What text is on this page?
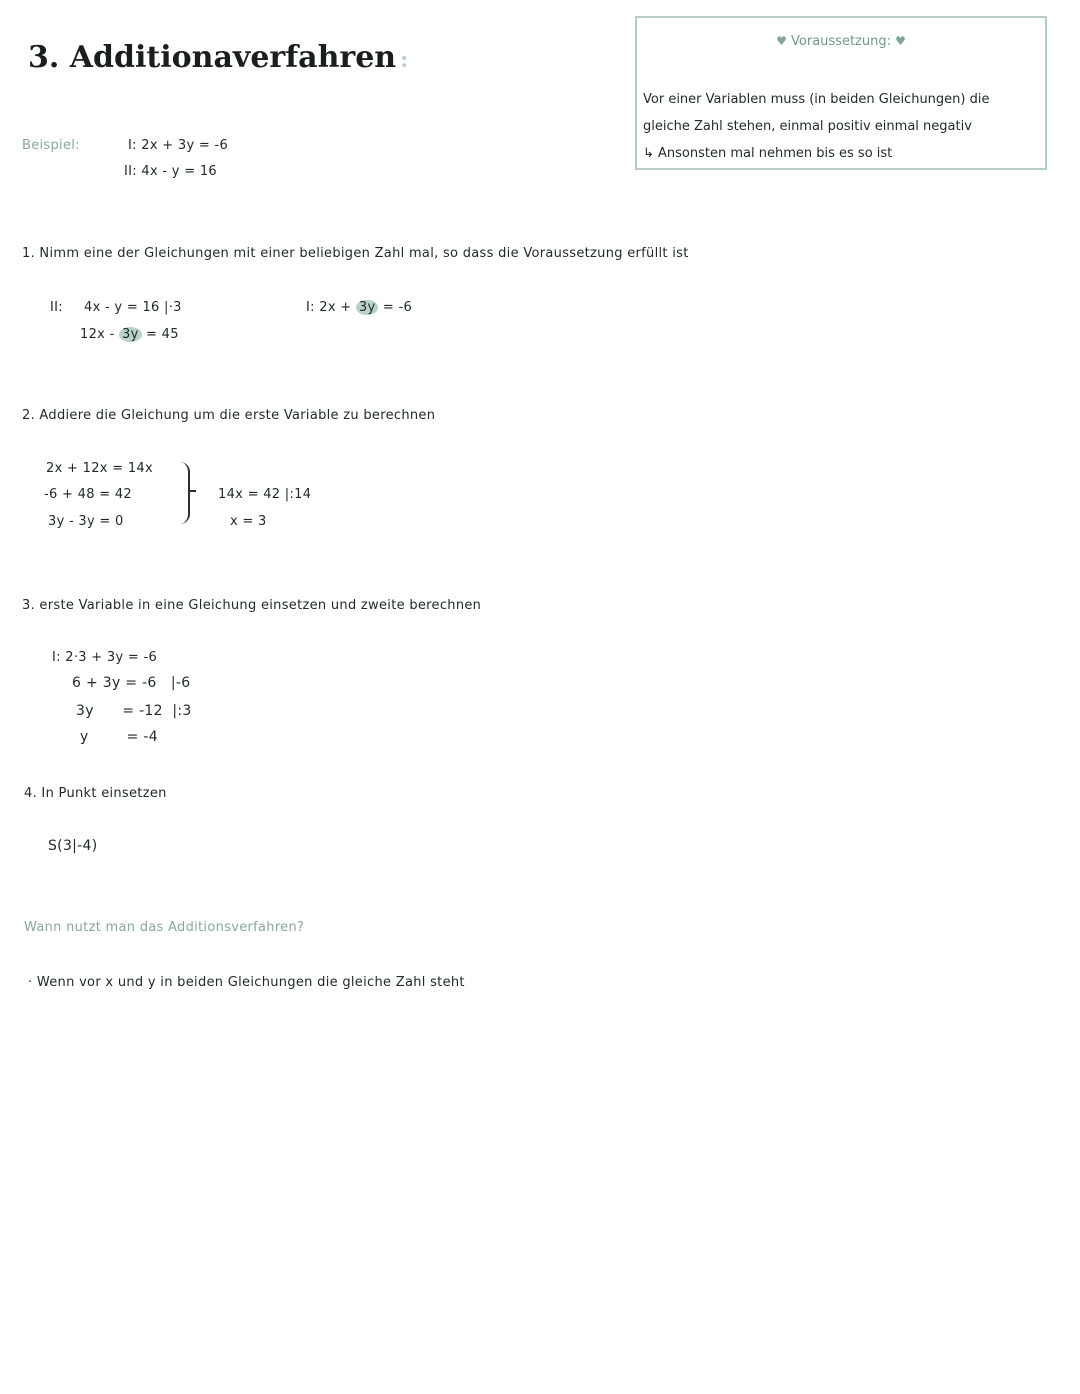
3. Additionaverfahren :
♥ Voraussetzung: ♥
Vor einer Variablen muss (in beiden Gleichungen) die
gleiche Zahl stehen, einmal positiv einmal negativ
↳ Ansonsten mal nehmen bis es so ist
Beispiel:	I: 2x + 3y = -6
II: 4x - y = 16
1. Nimm eine der Gleichungen mit einer beliebigen Zahl mal, so dass die Voraussetzung erfüllt ist
II: 4x - y = 16 |·3
12x - 3y = 45
I: 2x + 3y = -6
2. Addiere die Gleichung um die erste Variable zu berechnen
2x + 12x = 14x
-6 + 48 = 42
3y - 3y = 0
14x = 42 |:14
x = 3
3. erste Variable in eine Gleichung einsetzen und zweite berechnen
I: 2·3 + 3y = -6
6 + 3y = -6   |-6
3y      = -12  |:3
y        = -4
4. In Punkt einsetzen
S(3|-4)
Wann nutzt man das Additionsverfahren?
· Wenn vor x und y in beiden Gleichungen die gleiche Zahl steht
